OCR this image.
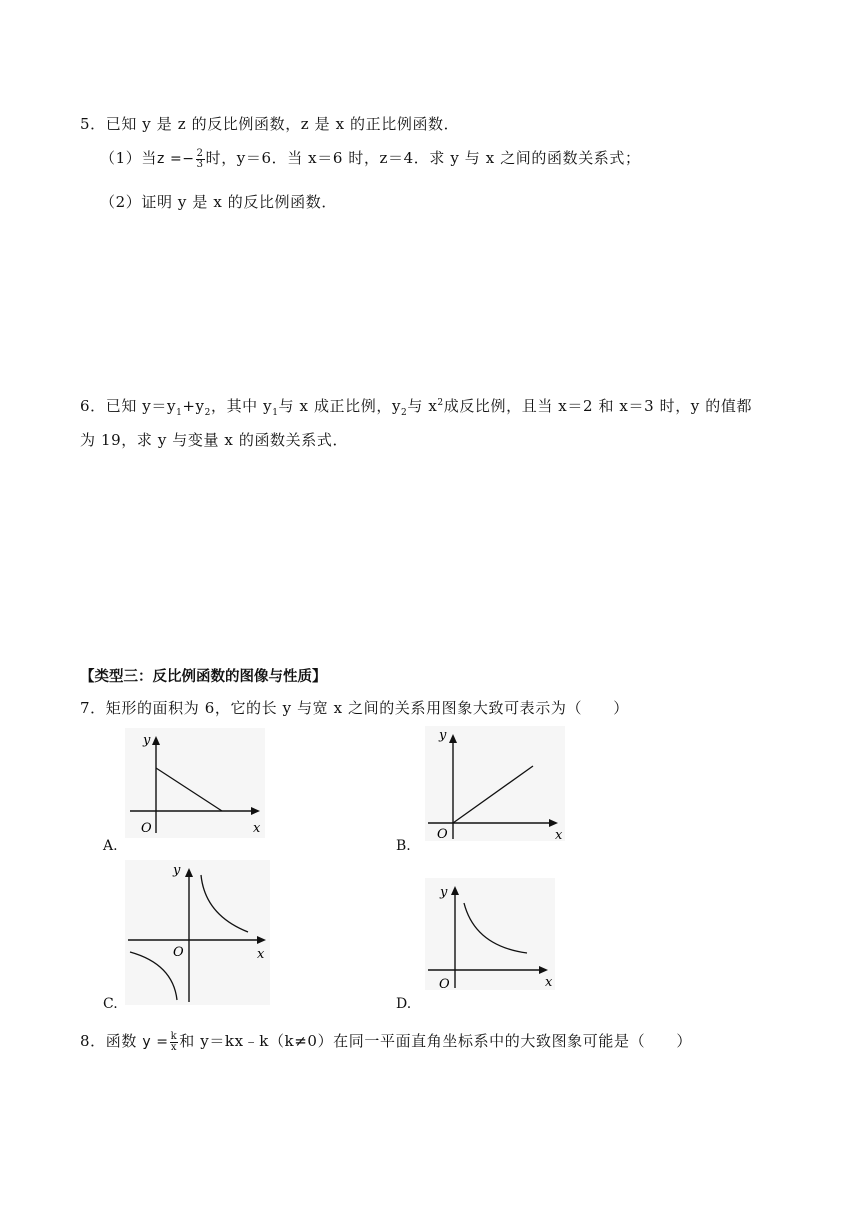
5．已知 y 是 z 的反比例函数，z 是 x 的正比例函数．
（1）当$z =- \frac{2}{3}$ 时，y＝6．当 x＝6 时，z＝4．求 y 与 x 之间的函数关系式；
（2）证明 y 是 x 的反比例函数．
6．已知 $y=y_1+y_2$，其中 $y_1$与 x 成正比例，$y_2$与 $x^2$成反比例，且当 x＝2 和 x＝3 时，y 的值都
为 19，求 y 与变量 x 的函数关系式．
【类型三：反比例函数的图像与性质】
7．矩形的面积为 6，它的长 y 与宽 x 之间的关系用图象大致可表示为（　　）
y
x
O
A.
y
x
O
B.
y
x
O
C.
y
x
O
D.
8．函数 $y = \frac{k}{x}$ 和 y＝kx﹣k（k≠0）在同一平面直角坐标系中的大致图象可能是（　　）
